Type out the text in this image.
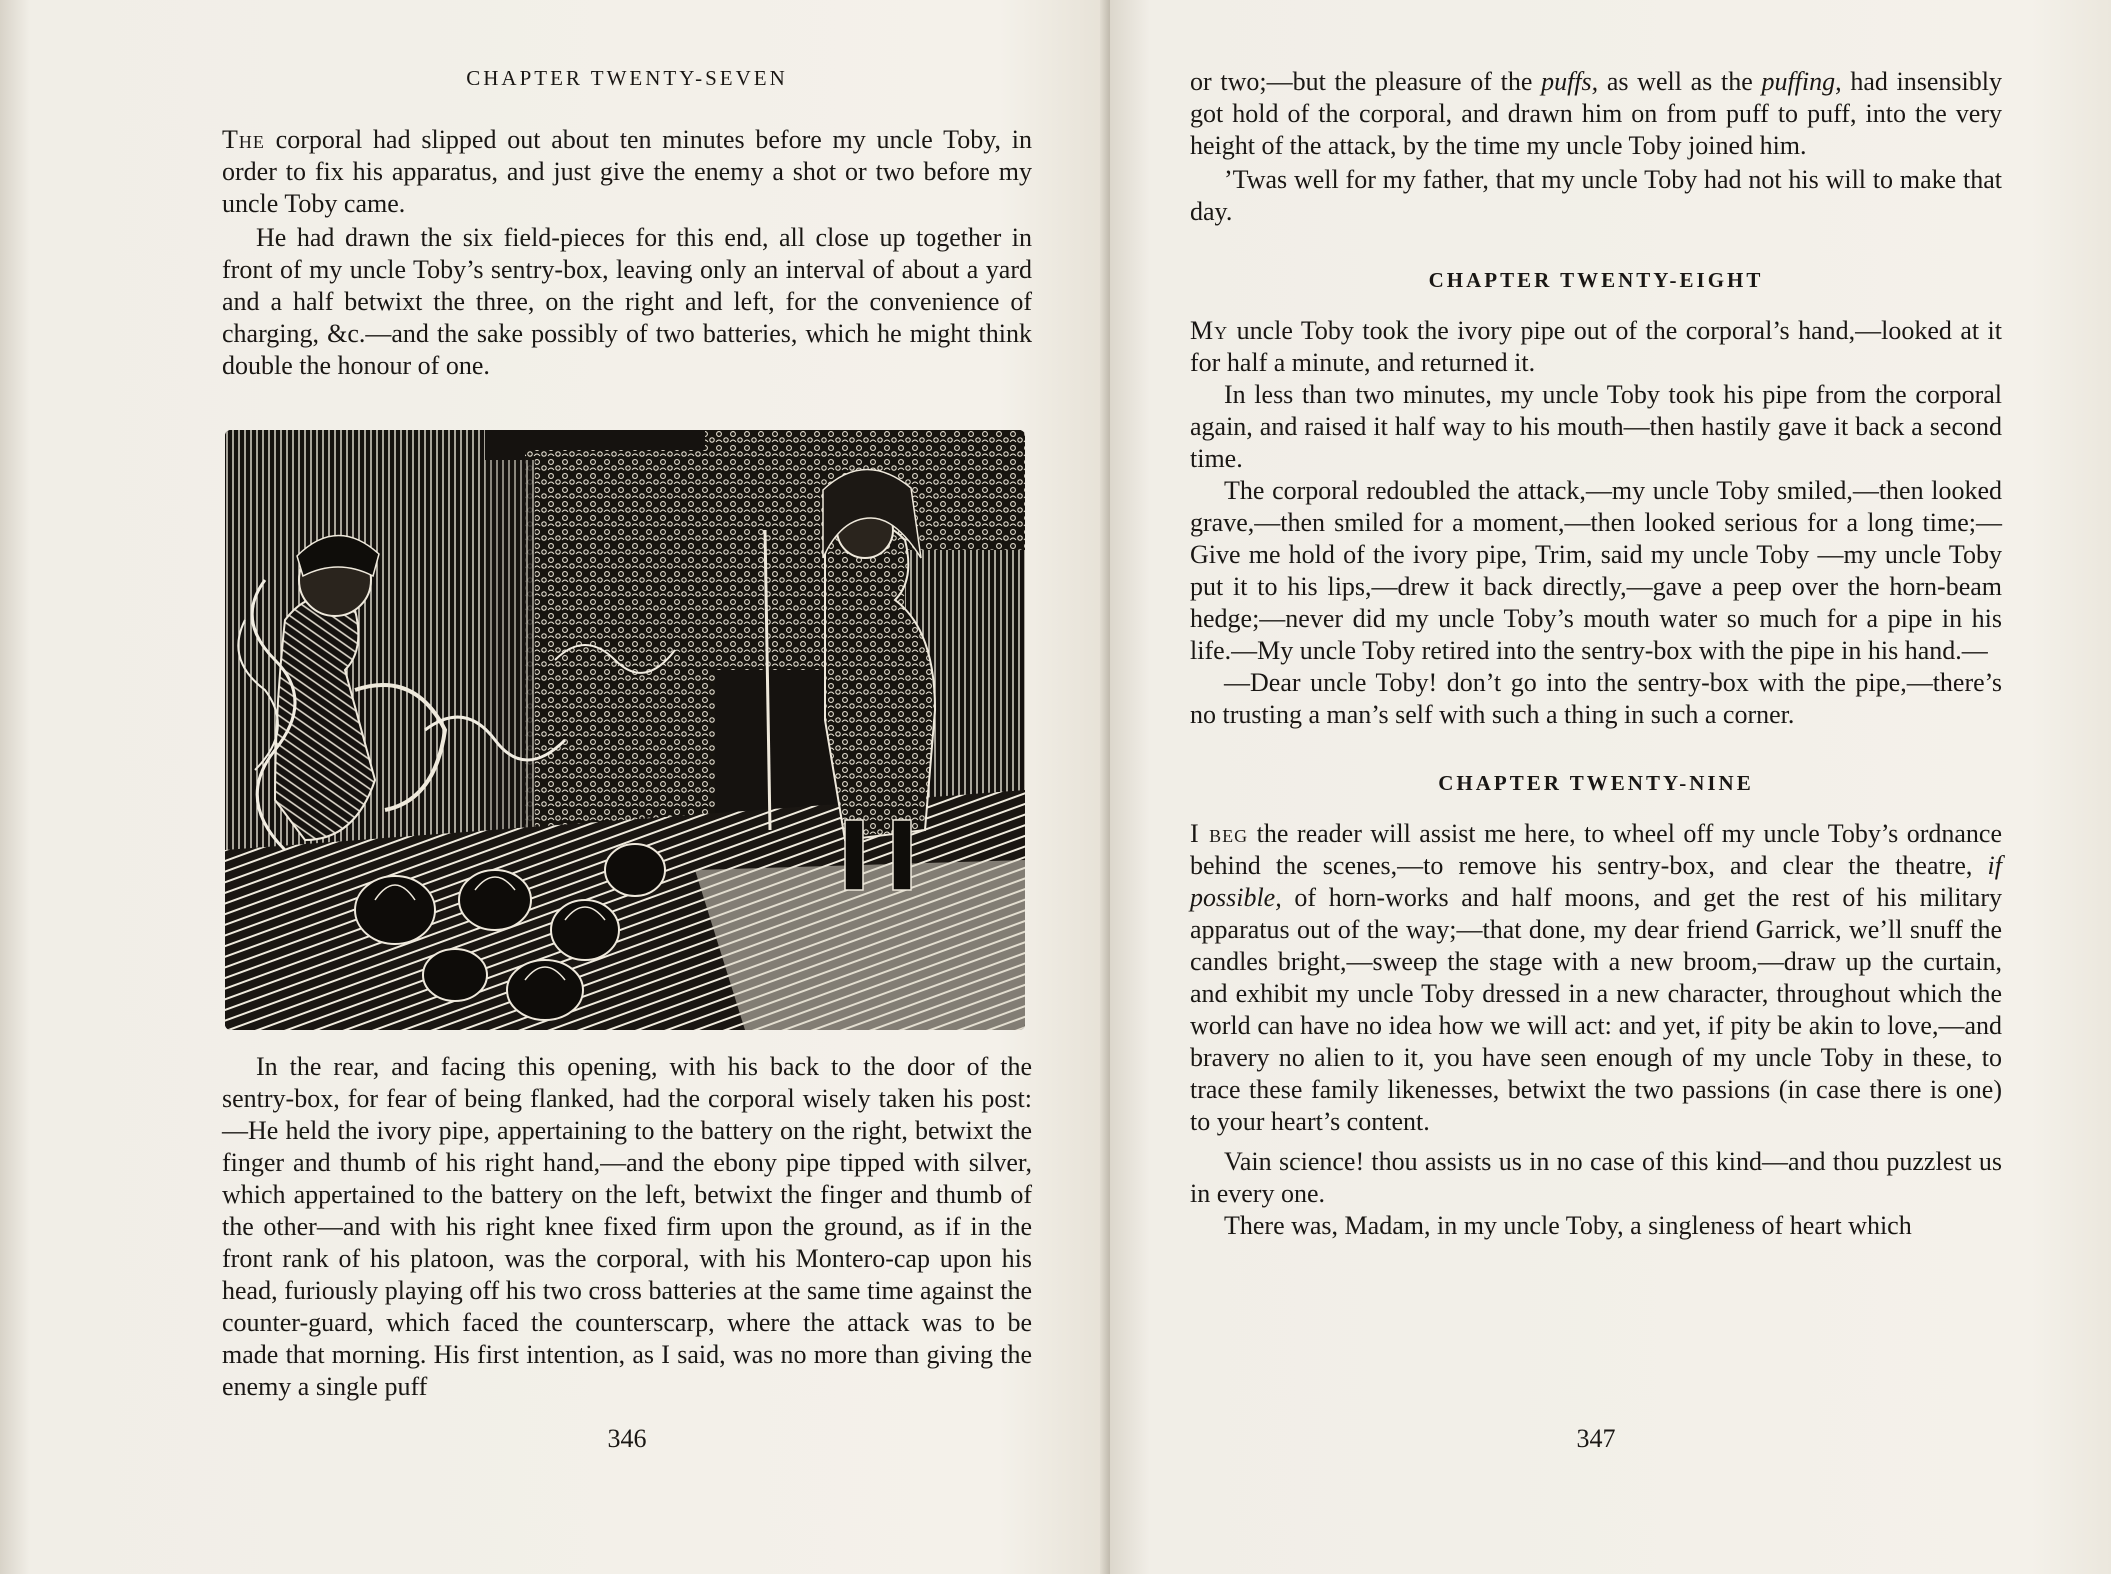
CHAPTER TWENTY-SEVEN

The corporal had slipped out about ten minutes before my uncle Toby, in order to fix his apparatus, and just give the enemy a shot or two before my uncle Toby came.

He had drawn the six field-pieces for this end, all close up together in front of my uncle Toby’s sentry-box, leaving only an interval of about a yard and a half betwixt the three, on the right and left, for the convenience of charging, &c.—and the sake possibly of two batteries, which he might think double the honour of one.

In the rear, and facing this opening, with his back to the door of the sentry-box, for fear of being flanked, had the corporal wisely taken his post:—He held the ivory pipe, appertaining to the battery on the right, betwixt the finger and thumb of his right hand,—and the ebony pipe tipped with silver, which appertained to the battery on the left, betwixt the finger and thumb of the other—and with his right knee fixed firm upon the ground, as if in the front rank of his platoon, was the corporal, with his Montero-cap upon his head, furiously playing off his two cross batteries at the same time against the counter-guard, which faced the counterscarp, where the attack was to be made that morning. His first intention, as I said, was no more than giving the enemy a single puff

346

or two;—but the pleasure of the puffs, as well as the puffing, had insensibly got hold of the corporal, and drawn him on from puff to puff, into the very height of the attack, by the time my uncle Toby joined him.

’Twas well for my father, that my uncle Toby had not his will to make that day.

CHAPTER TWENTY-EIGHT

My uncle Toby took the ivory pipe out of the corporal’s hand,—looked at it for half a minute, and returned it.

In less than two minutes, my uncle Toby took his pipe from the corporal again, and raised it half way to his mouth—then hastily gave it back a second time.

The corporal redoubled the attack,—my uncle Toby smiled,—then looked grave,—then smiled for a moment,—then looked serious for a long time;—Give me hold of the ivory pipe, Trim, said my uncle Toby —my uncle Toby put it to his lips,—drew it back directly,—gave a peep over the horn-beam hedge;—never did my uncle Toby’s mouth water so much for a pipe in his life.—My uncle Toby retired into the sentry-box with the pipe in his hand.—

—Dear uncle Toby! don’t go into the sentry-box with the pipe,—there’s no trusting a man’s self with such a thing in such a corner.

CHAPTER TWENTY-NINE

I beg the reader will assist me here, to wheel off my uncle Toby’s ordnance behind the scenes,—to remove his sentry-box, and clear the theatre, if possible, of horn-works and half moons, and get the rest of his military apparatus out of the way;—that done, my dear friend Garrick, we’ll snuff the candles bright,—sweep the stage with a new broom,—draw up the curtain, and exhibit my uncle Toby dressed in a new character, throughout which the world can have no idea how we will act: and yet, if pity be akin to love,—and bravery no alien to it, you have seen enough of my uncle Toby in these, to trace these family likenesses, betwixt the two passions (in case there is one) to your heart’s content.

Vain science! thou assists us in no case of this kind—and thou puzzlest us in every one.

There was, Madam, in my uncle Toby, a singleness of heart which

347
